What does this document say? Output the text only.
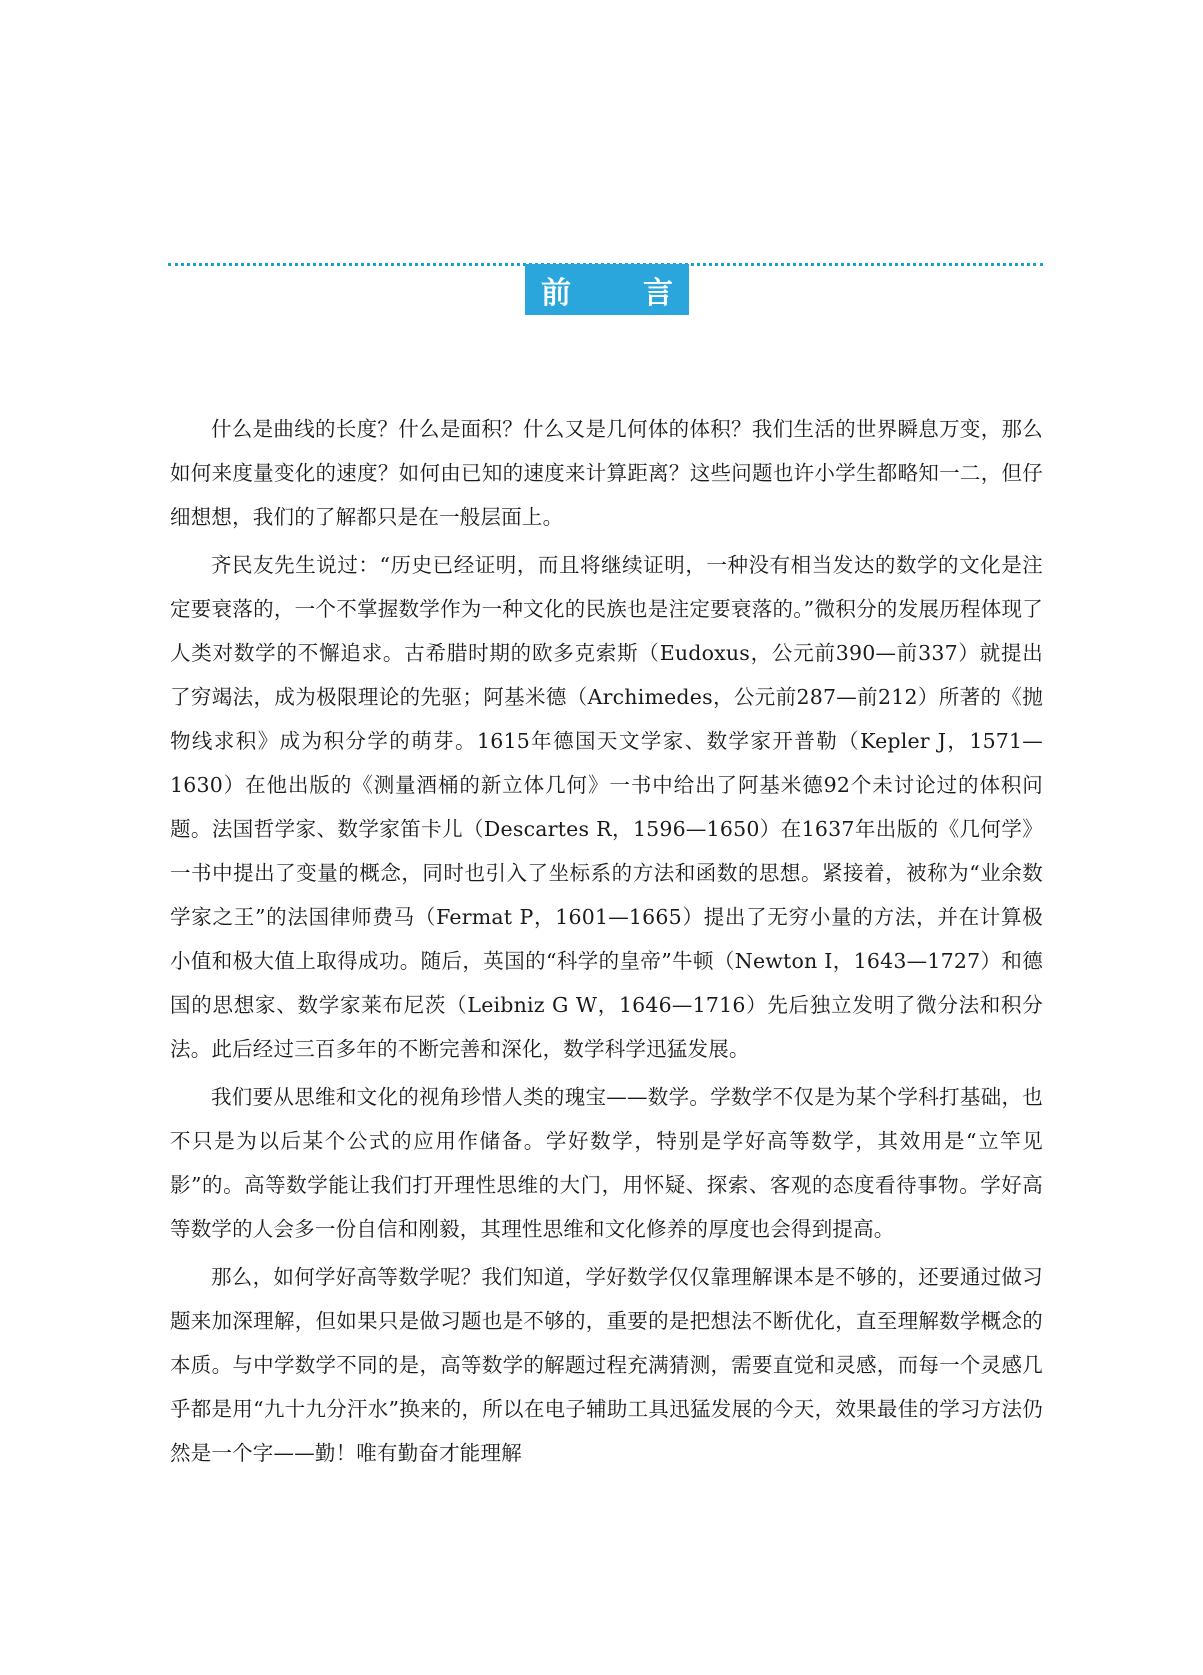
前 言

什么是曲线的长度？什么是面积？什么又是几何体的体积？我们生活的世界瞬息万变，那么如何来度量变化的速度？如何由已知的速度来计算距离？这些问题也许小学生都略知一二，但仔细想想，我们的了解都只是在一般层面上。

齐民友先生说过：“历史已经证明，而且将继续证明，一种没有相当发达的数学的文化是注定要衰落的，一个不掌握数学作为一种文化的民族也是注定要衰落的。”微积分的发展历程体现了人类对数学的不懈追求。古希腊时期的欧多克索斯（Eudoxus，公元前390—前337）就提出了穷竭法，成为极限理论的先驱；阿基米德（Archimedes，公元前287—前212）所著的《抛物线求积》成为积分学的萌芽。1615年德国天文学家、数学家开普勒（Kepler J，1571—1630）在他出版的《测量酒桶的新立体几何》一书中给出了阿基米德92个未讨论过的体积问题。法国哲学家、数学家笛卡儿（Descartes R，1596—1650）在1637年出版的《几何学》一书中提出了变量的概念，同时也引入了坐标系的方法和函数的思想。紧接着，被称为“业余数学家之王”的法国律师费马（Fermat P，1601—1665）提出了无穷小量的方法，并在计算极小值和极大值上取得成功。随后，英国的“科学的皇帝”牛顿（Newton I，1643—1727）和德国的思想家、数学家莱布尼茨（Leibniz G W，1646—1716）先后独立发明了微分法和积分法。此后经过三百多年的不断完善和深化，数学科学迅猛发展。

我们要从思维和文化的视角珍惜人类的瑰宝——数学。学数学不仅是为某个学科打基础，也不只是为以后某个公式的应用作储备。学好数学，特别是学好高等数学，其效用是“立竿见影”的。高等数学能让我们打开理性思维的大门，用怀疑、探索、客观的态度看待事物。学好高等数学的人会多一份自信和刚毅，其理性思维和文化修养的厚度也会得到提高。

那么，如何学好高等数学呢？我们知道，学好数学仅仅靠理解课本是不够的，还要通过做习题来加深理解，但如果只是做习题也是不够的，重要的是把想法不断优化，直至理解数学概念的本质。与中学数学不同的是，高等数学的解题过程充满猜测，需要直觉和灵感，而每一个灵感几乎都是用“九十九分汗水”换来的，所以在电子辅助工具迅猛发展的今天，效果最佳的学习方法仍然是一个字——勤！唯有勤奋才能理解
